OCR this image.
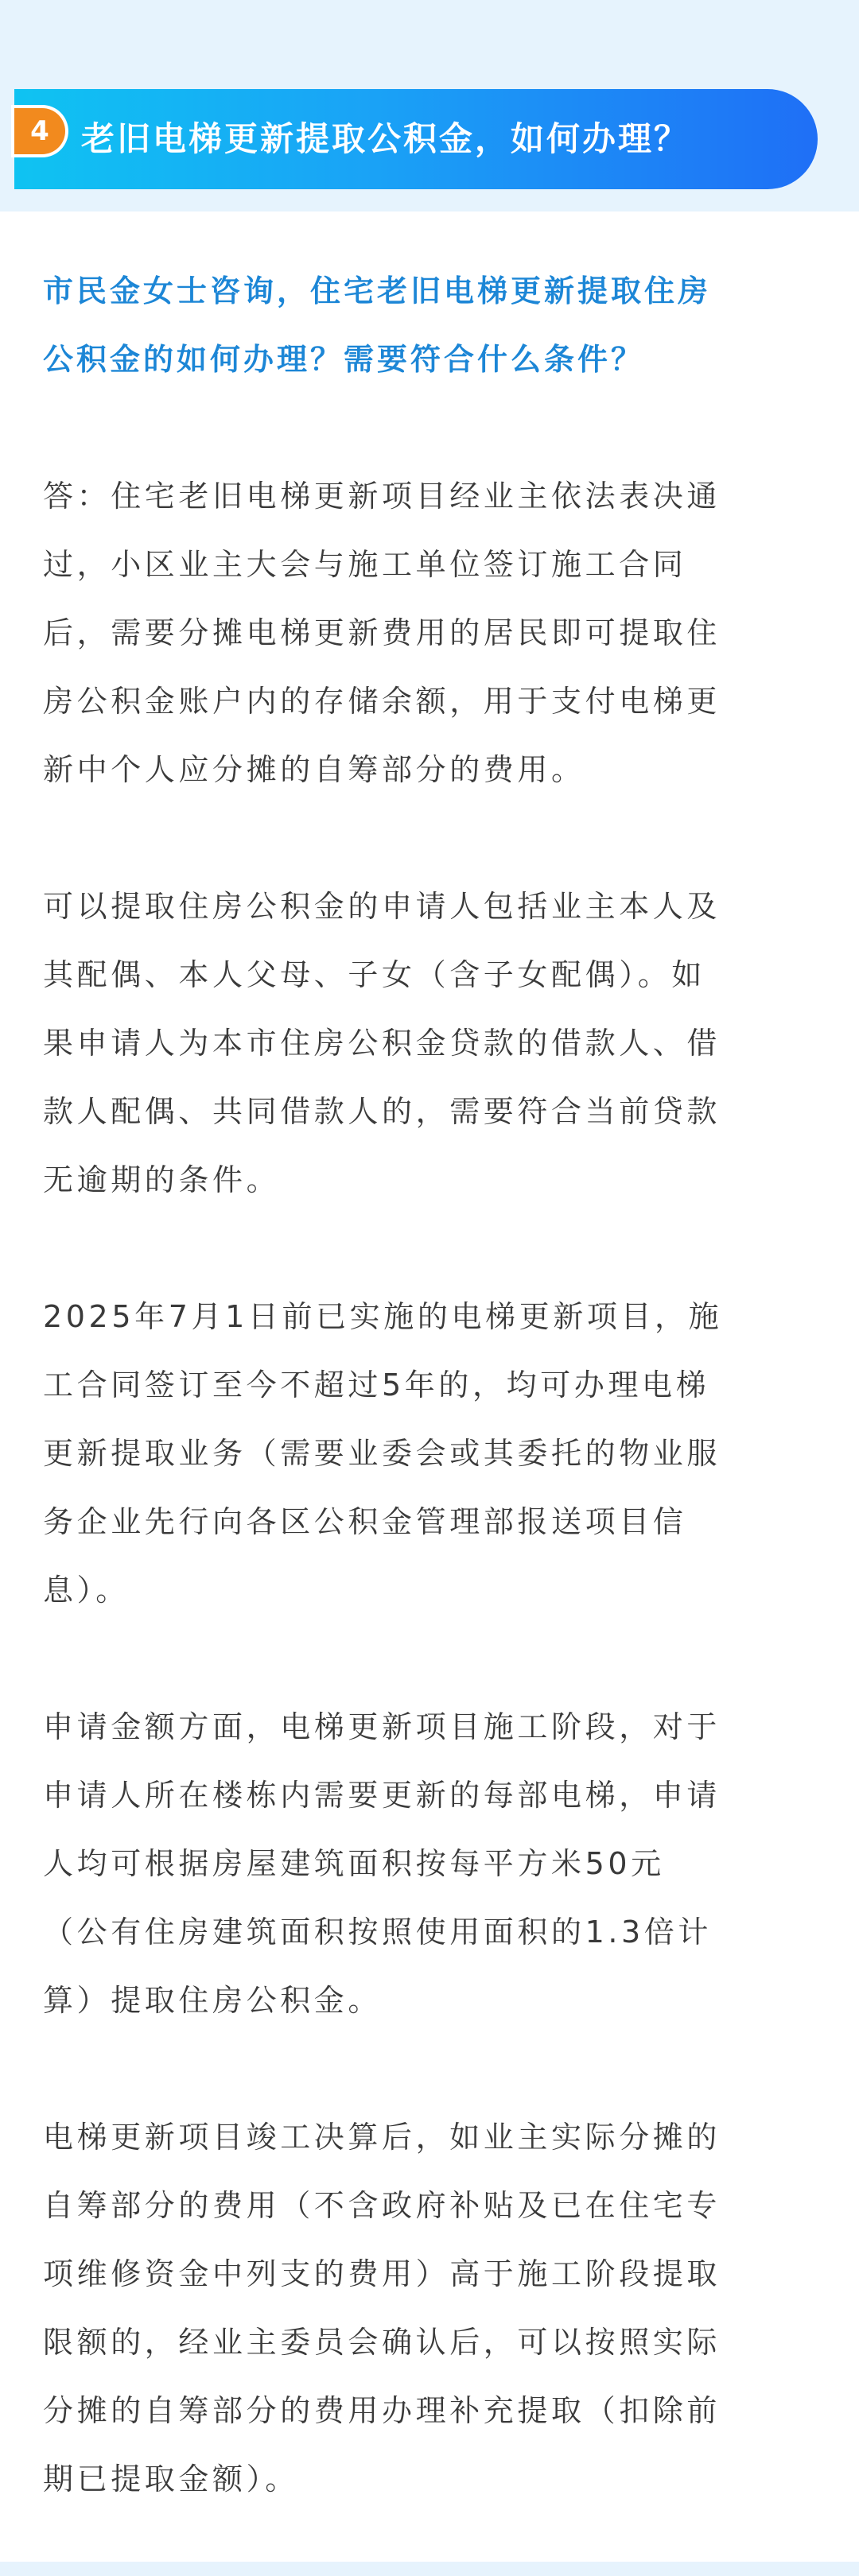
4 老旧电梯更新提取公积金，如何办理？

市民金女士咨询，住宅老旧电梯更新提取住房
公积金的如何办理？需要符合什么条件？

答：住宅老旧电梯更新项目经业主依法表决通
过，小区业主大会与施工单位签订施工合同
后，需要分摊电梯更新费用的居民即可提取住
房公积金账户内的存储余额，用于支付电梯更
新中个人应分摊的自筹部分的费用。

可以提取住房公积金的申请人包括业主本人及
其配偶、本人父母、子女（含子女配偶）。如
果申请人为本市住房公积金贷款的借款人、借
款人配偶、共同借款人的，需要符合当前贷款
无逾期的条件。

2025年7月1日前已实施的电梯更新项目，施
工合同签订至今不超过5年的，均可办理电梯
更新提取业务（需要业委会或其委托的物业服
务企业先行向各区公积金管理部报送项目信
息）。

申请金额方面，电梯更新项目施工阶段，对于
申请人所在楼栋内需要更新的每部电梯，申请
人均可根据房屋建筑面积按每平方米50元
（公有住房建筑面积按照使用面积的1.3倍计
算）提取住房公积金。

电梯更新项目竣工决算后，如业主实际分摊的
自筹部分的费用（不含政府补贴及已在住宅专
项维修资金中列支的费用）高于施工阶段提取
限额的，经业主委员会确认后，可以按照实际
分摊的自筹部分的费用办理补充提取（扣除前
期已提取金额）。
